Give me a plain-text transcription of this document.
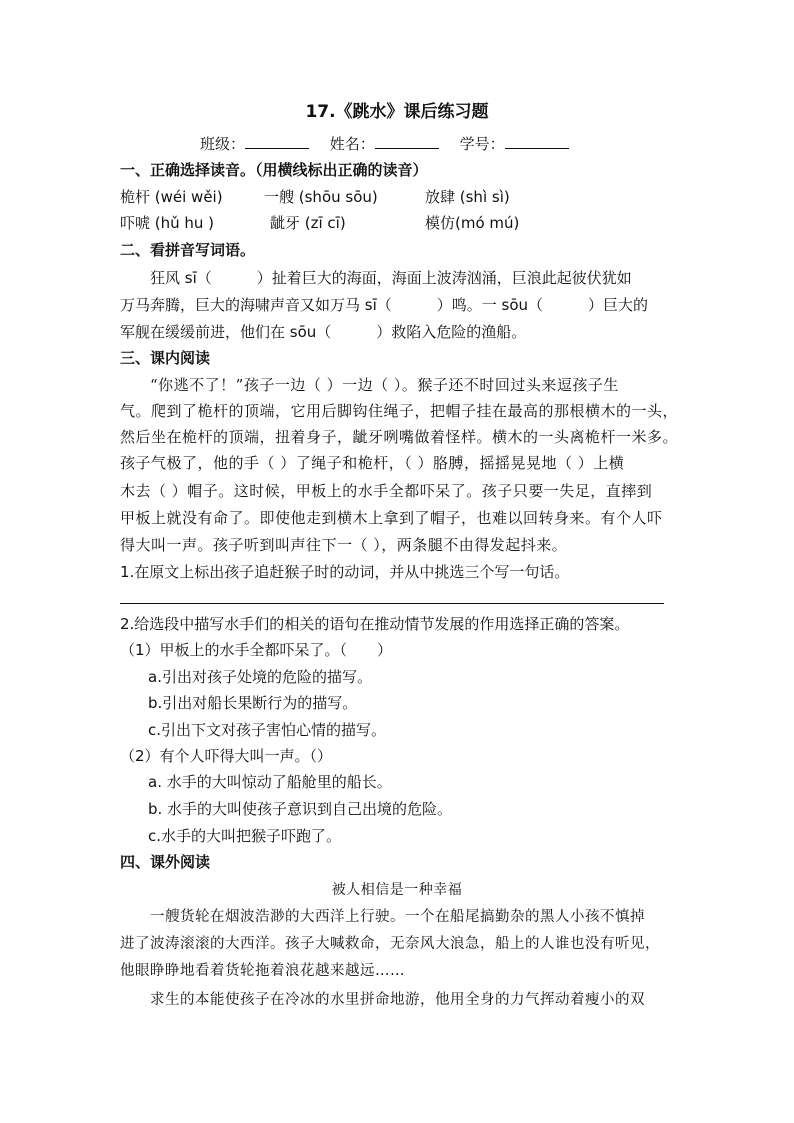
17.《跳水》课后练习题
班级：	姓名：	学号：
一、正确选择读音。（用横线标出正确的读音）
桅杆 (wéi wěi)	一艘 (shōu sōu)	放肆 (shì sì)
吓唬 (hǔ hu )	龇牙 (zī cī)	模仿(mó mú)
二、看拼音写词语。
狂风 sī（　　　）扯着巨大的海面，海面上波涛汹涌，巨浪此起彼伏犹如
万马奔腾，巨大的海啸声音又如万马 sī（　　　）鸣。一 sōu（　　　）巨大的
军舰在缓缓前进，他们在 sōu（　　　）救陷入危险的渔船。
三、课内阅读
“你逃不了！”孩子一边（ ）一边（ ）。猴子还不时回过头来逗孩子生
气。爬到了桅杆的顶端，它用后脚钩住绳子，把帽子挂在最高的那根横木的一头，
然后坐在桅杆的顶端，扭着身子，龇牙咧嘴做着怪样。横木的一头离桅杆一米多。
孩子气极了，他的手（ ）了绳子和桅杆，（ ）胳膊，摇摇晃晃地（ ）上横
木去（ ）帽子。这时候，甲板上的水手全都吓呆了。孩子只要一失足，直摔到
甲板上就没有命了。即使他走到横木上拿到了帽子，也难以回转身来。有个人吓
得大叫一声。孩子听到叫声往下一（ ），两条腿不由得发起抖来。
1.在原文上标出孩子追赶猴子时的动词，并从中挑选三个写一句话。
2.给选段中描写水手们的相关的语句在推动情节发展的作用选择正确的答案。
（1）甲板上的水手全都吓呆了。（　　）
a.引出对孩子处境的危险的描写。
b.引出对船长果断行为的描写。
c.引出下文对孩子害怕心情的描写。
（2）有个人吓得大叫一声。（）
a. 水手的大叫惊动了船舱里的船长。
b. 水手的大叫使孩子意识到自己出境的危险。
c.水手的大叫把猴子吓跑了。
四、课外阅读
被人相信是一种幸福
一艘货轮在烟波浩渺的大西洋上行驶。一个在船尾搞勤杂的黑人小孩不慎掉
进了波涛滚滚的大西洋。孩子大喊救命，无奈风大浪急，船上的人谁也没有听见，
他眼睁睁地看着货轮拖着浪花越来越远……
求生的本能使孩子在冷冰的水里拼命地游，他用全身的力气挥动着瘦小的双
